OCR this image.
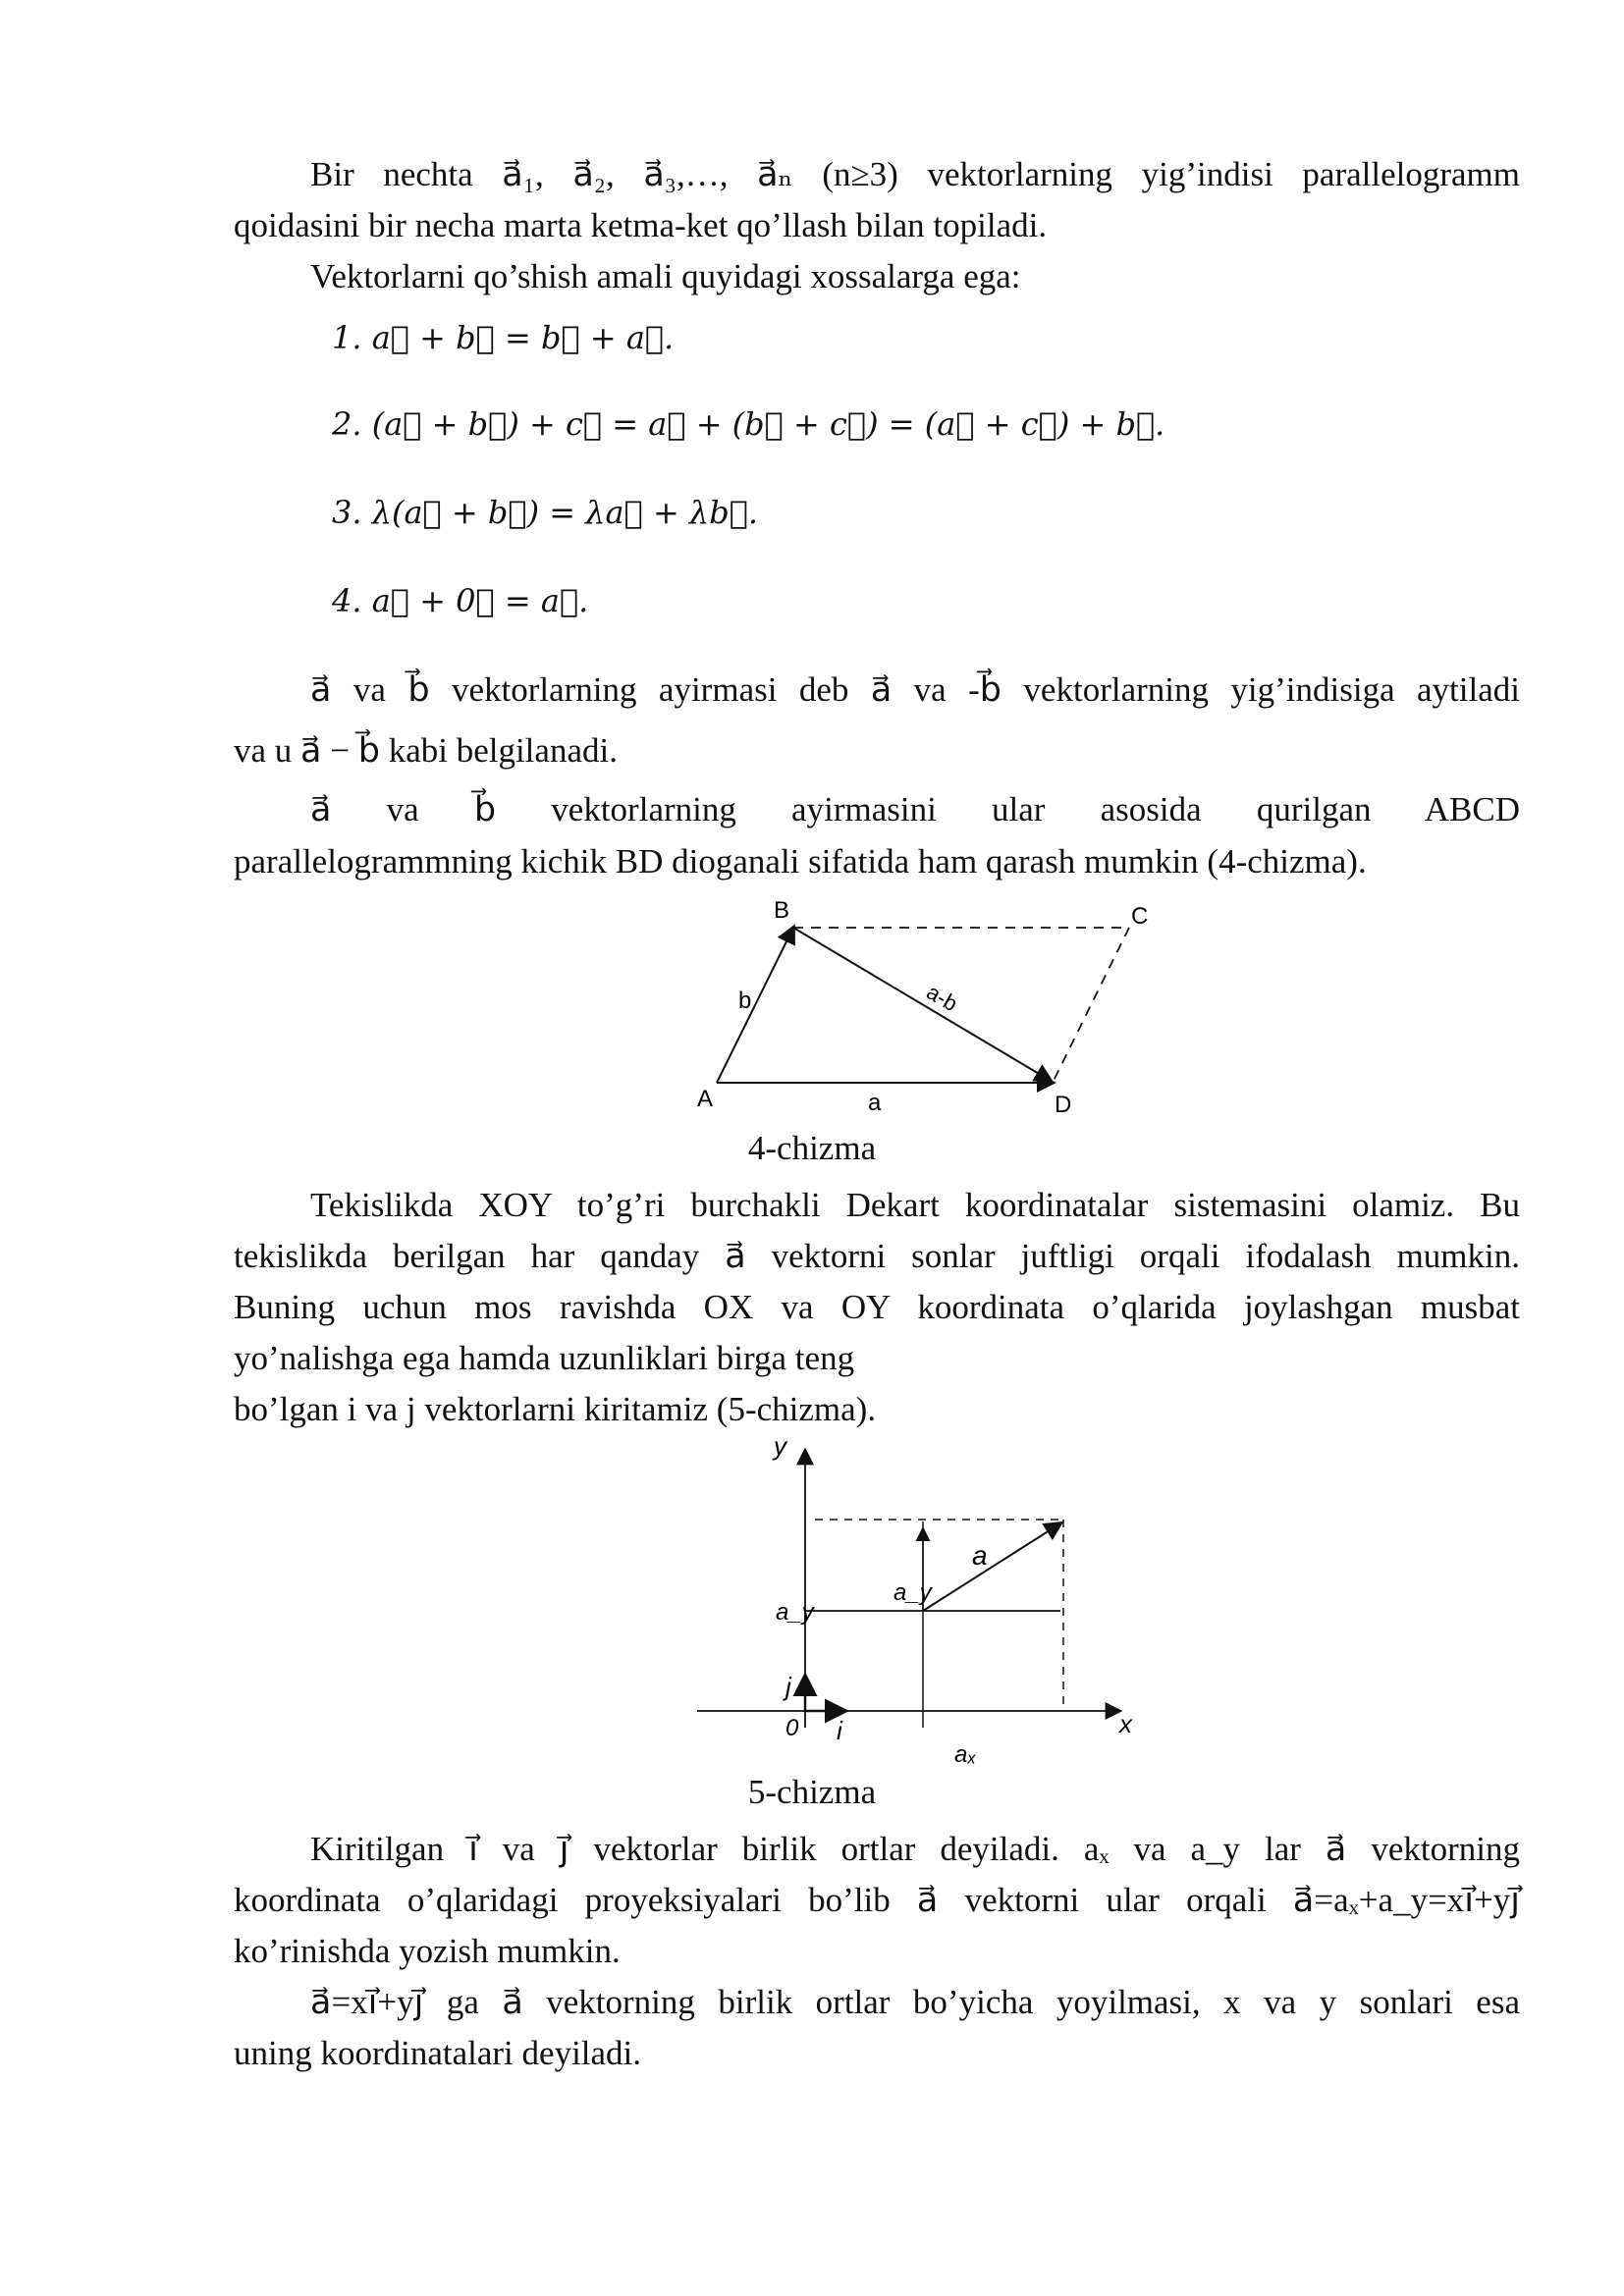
Bir nechta a⃗₁, a⃗₂, a⃗₃,…, a⃗ₙ (n≥3) vektorlarning yig’indisi parallelogramm
qoidasini bir necha marta ketma-ket qo’llash bilan topiladi.
Vektorlarni qo’shish amali quyidagi xossalarga ega:
1. a⃗ + b⃗ = b⃗ + a⃗.
2. (a⃗ + b⃗) + c⃗ = a⃗ + (b⃗ + c⃗) = (a⃗ + c⃗) + b⃗.
3. λ(a⃗ + b⃗) = λa⃗ + λb⃗.
4. a⃗ + 0⃗ = a⃗.
a⃗ va b⃗ vektorlarning ayirmasi deb a⃗ va -b⃗ vektorlarning yig’indisiga aytiladi
va u a⃗ − b⃗ kabi belgilanadi.
a⃗ va b⃗ vektorlarning ayirmasini ular asosida qurilgan ABCD
parallelogrammning kichik BD dioganali sifatida ham qarash mumkin (4-chizma).
B	C
A	D
b
a
a-b
4-chizma
Tekislikda XOY to’g’ri burchakli Dekart koordinatalar sistemasini olamiz. Bu
tekislikda berilgan har qanday a⃗ vektorni sonlar juftligi orqali ifodalash mumkin.
Buning uchun mos ravishda OX va OY koordinata o’qlarida joylashgan musbat
yo’nalishga ega hamda uzunliklari birga teng
bo’lgan i va j vektorlarni kiritamiz (5-chizma).
y
x
0 i
j
a_y
a_y
a
aₓ
5-chizma
Kiritilgan ı⃗ va ȷ⃗ vektorlar birlik ortlar deyiladi. aₓ va a_y lar a⃗ vektorning
koordinata o’qlaridagi proyeksiyalari bo’lib a⃗ vektorni ular orqali a⃗=aₓ+a_y=xı⃗+yȷ⃗
ko’rinishda yozish mumkin.
a⃗=xı⃗+yȷ⃗ ga a⃗ vektorning birlik ortlar bo’yicha yoyilmasi, x va y sonlari esa
uning koordinatalari deyiladi.
